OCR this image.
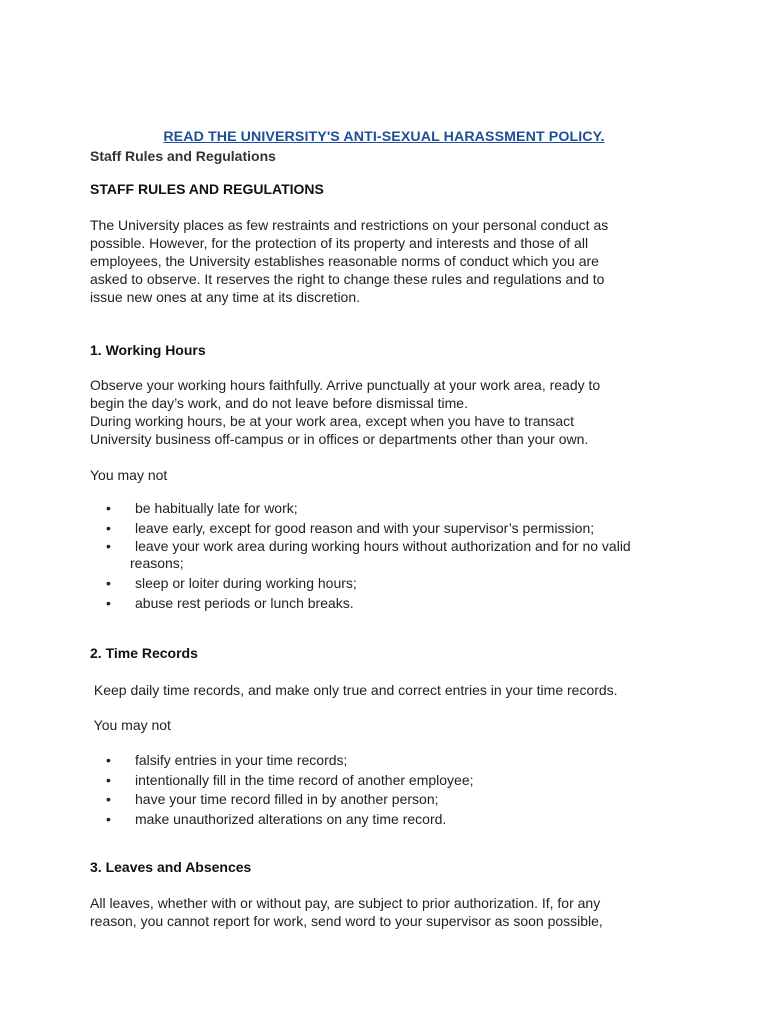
READ THE UNIVERSITY'S ANTI-SEXUAL HARASSMENT POLICY.
Staff Rules and Regulations
STAFF RULES AND REGULATIONS
The University places as few restraints and restrictions on your personal conduct as
possible. However, for the protection of its property and interests and those of all
employees, the University establishes reasonable norms of conduct which you are
asked to observe. It reserves the right to change these rules and regulations and to
issue new ones at any time at its discretion.
1. Working Hours
Observe your working hours faithfully. Arrive punctually at your work area, ready to
begin the day’s work, and do not leave before dismissal time.
During working hours, be at your work area, except when you have to transact
University business off-campus or in offices or departments other than your own.
You may not
• be habitually late for work;
• leave early, except for good reason and with your supervisor’s permission;
• leave your work area during working hours without authorization and for no valid
reasons;
• sleep or loiter during working hours;
• abuse rest periods or lunch breaks.
2. Time Records
Keep daily time records, and make only true and correct entries in your time records.
You may not
• falsify entries in your time records;
• intentionally fill in the time record of another employee;
• have your time record filled in by another person;
• make unauthorized alterations on any time record.
3. Leaves and Absences
All leaves, whether with or without pay, are subject to prior authorization. If, for any
reason, you cannot report for work, send word to your supervisor as soon possible,
